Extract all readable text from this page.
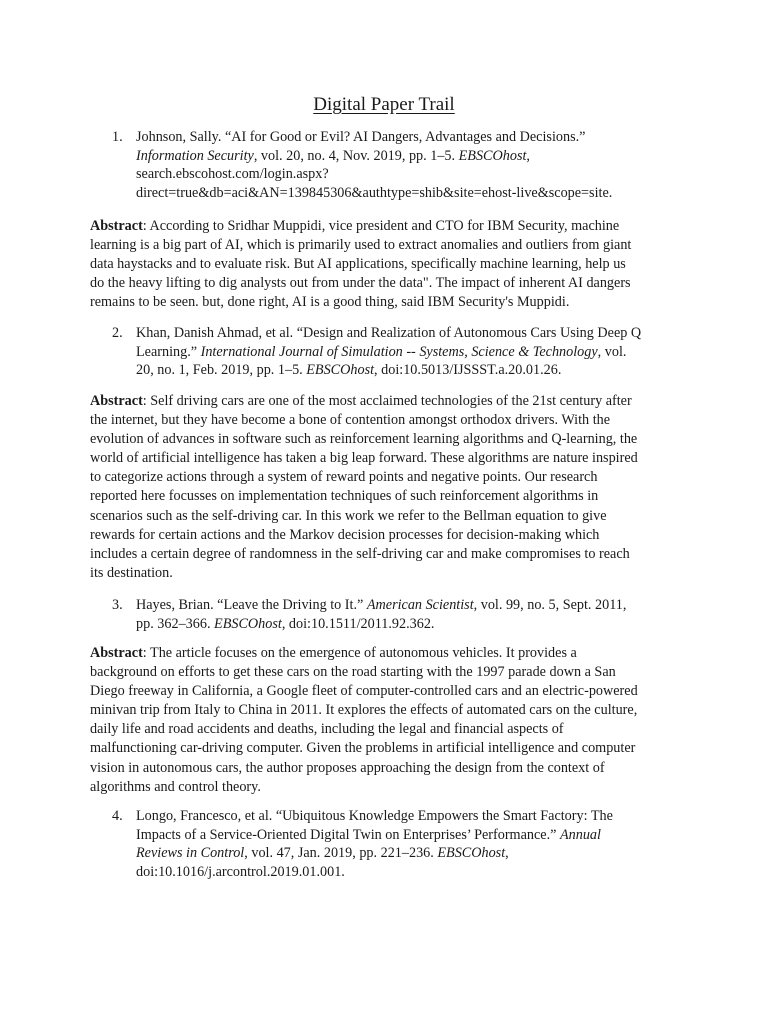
Digital Paper Trail
1. Johnson, Sally. “AI for Good or Evil? AI Dangers, Advantages and Decisions.”
Information Security, vol. 20, no. 4, Nov. 2019, pp. 1–5. EBSCOhost,
search.ebscohost.com/login.aspx?
direct=true&db=aci&AN=139845306&authtype=shib&site=ehost-live&scope=site.
Abstract: According to Sridhar Muppidi, vice president and CTO for IBM Security, machine
learning is a big part of AI, which is primarily used to extract anomalies and outliers from giant
data haystacks and to evaluate risk. But AI applications, specifically machine learning, help us
do the heavy lifting to dig analysts out from under the data". The impact of inherent AI dangers
remains to be seen. but, done right, AI is a good thing, said IBM Security's Muppidi.
2. Khan, Danish Ahmad, et al. “Design and Realization of Autonomous Cars Using Deep Q
Learning.” International Journal of Simulation -- Systems, Science & Technology, vol.
20, no. 1, Feb. 2019, pp. 1–5. EBSCOhost, doi:10.5013/IJSSST.a.20.01.26.
Abstract: Self driving cars are one of the most acclaimed technologies of the 21st century after
the internet, but they have become a bone of contention amongst orthodox drivers. With the
evolution of advances in software such as reinforcement learning algorithms and Q-learning, the
world of artificial intelligence has taken a big leap forward. These algorithms are nature inspired
to categorize actions through a system of reward points and negative points. Our research
reported here focusses on implementation techniques of such reinforcement algorithms in
scenarios such as the self-driving car. In this work we refer to the Bellman equation to give
rewards for certain actions and the Markov decision processes for decision-making which
includes a certain degree of randomness in the self-driving car and make compromises to reach
its destination.
3. Hayes, Brian. “Leave the Driving to It.” American Scientist, vol. 99, no. 5, Sept. 2011,
pp. 362–366. EBSCOhost, doi:10.1511/2011.92.362.
Abstract: The article focuses on the emergence of autonomous vehicles. It provides a
background on efforts to get these cars on the road starting with the 1997 parade down a San
Diego freeway in California, a Google fleet of computer-controlled cars and an electric-powered
minivan trip from Italy to China in 2011. It explores the effects of automated cars on the culture,
daily life and road accidents and deaths, including the legal and financial aspects of
malfunctioning car-driving computer. Given the problems in artificial intelligence and computer
vision in autonomous cars, the author proposes approaching the design from the context of
algorithms and control theory.
4. Longo, Francesco, et al. “Ubiquitous Knowledge Empowers the Smart Factory: The
Impacts of a Service-Oriented Digital Twin on Enterprises’ Performance.” Annual
Reviews in Control, vol. 47, Jan. 2019, pp. 221–236. EBSCOhost,
doi:10.1016/j.arcontrol.2019.01.001.
